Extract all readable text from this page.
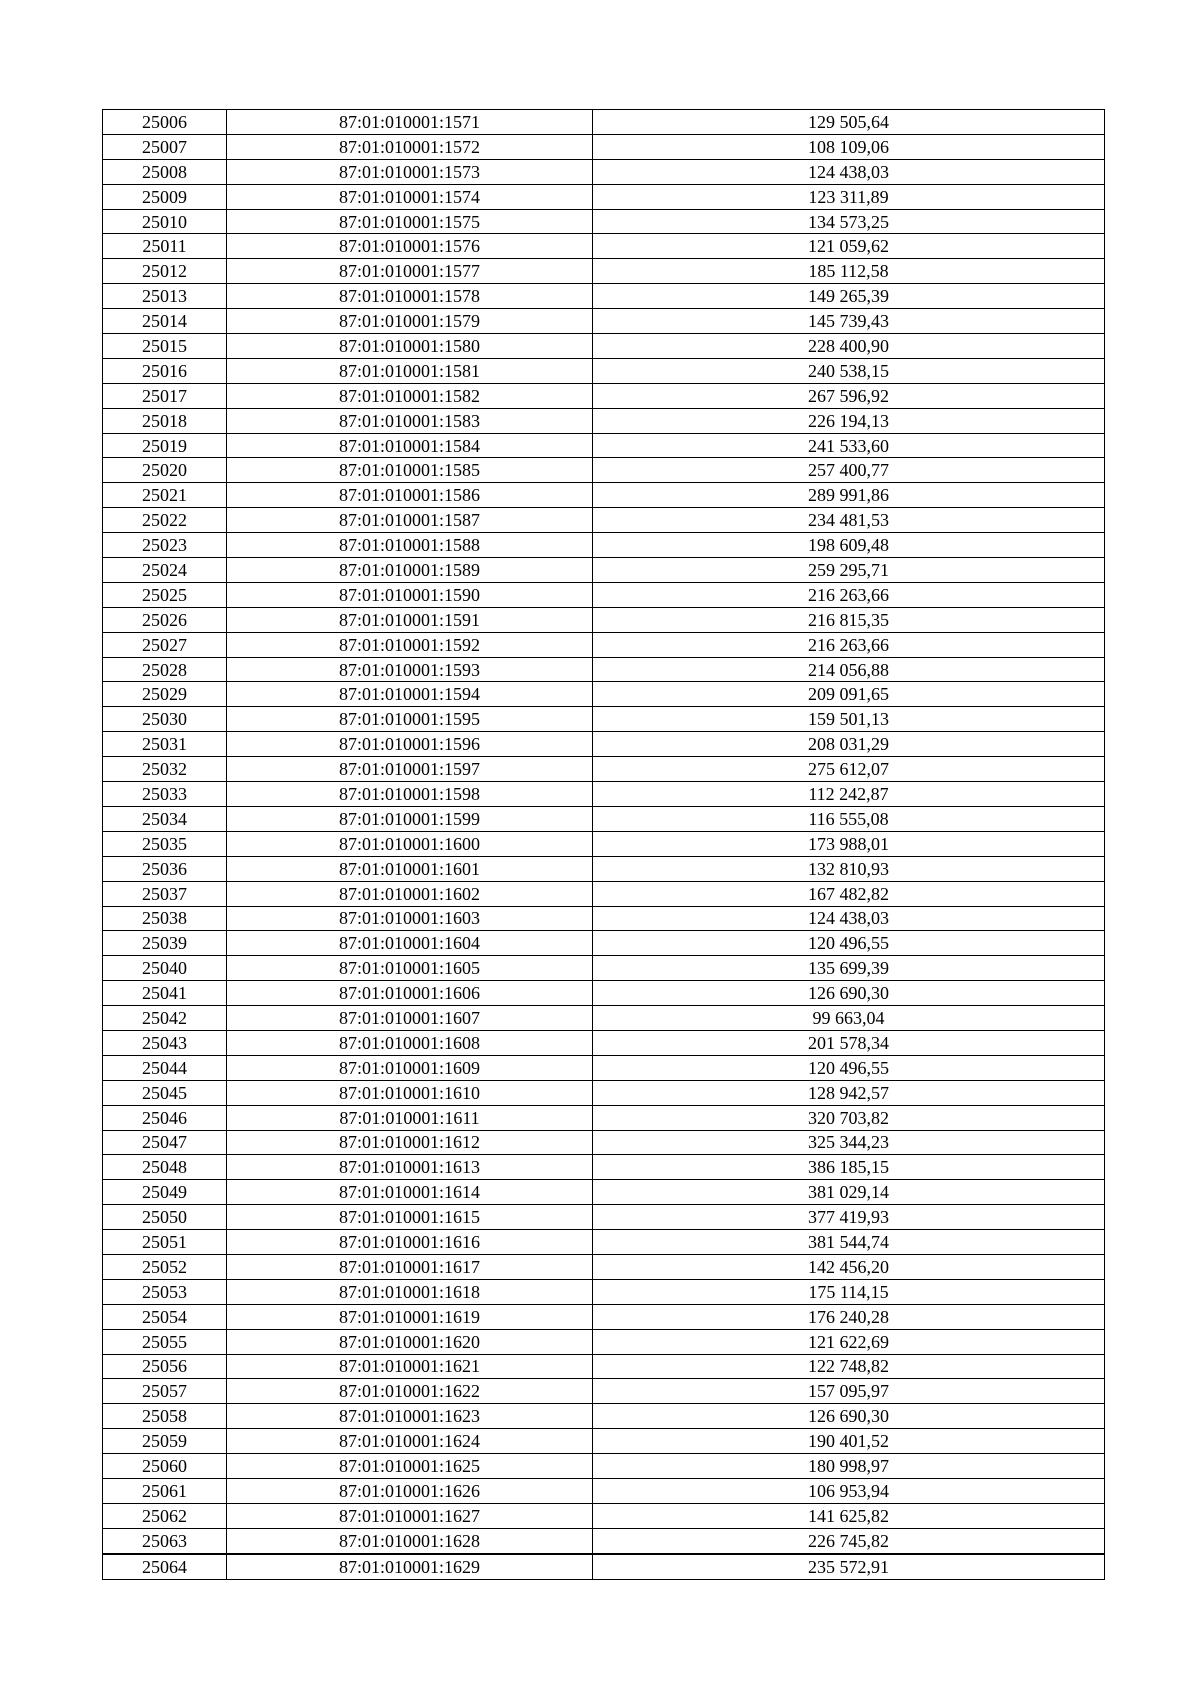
25006	87:01:010001:1571	129 505,64
25007	87:01:010001:1572	108 109,06
25008	87:01:010001:1573	124 438,03
25009	87:01:010001:1574	123 311,89
25010	87:01:010001:1575	134 573,25
25011	87:01:010001:1576	121 059,62
25012	87:01:010001:1577	185 112,58
25013	87:01:010001:1578	149 265,39
25014	87:01:010001:1579	145 739,43
25015	87:01:010001:1580	228 400,90
25016	87:01:010001:1581	240 538,15
25017	87:01:010001:1582	267 596,92
25018	87:01:010001:1583	226 194,13
25019	87:01:010001:1584	241 533,60
25020	87:01:010001:1585	257 400,77
25021	87:01:010001:1586	289 991,86
25022	87:01:010001:1587	234 481,53
25023	87:01:010001:1588	198 609,48
25024	87:01:010001:1589	259 295,71
25025	87:01:010001:1590	216 263,66
25026	87:01:010001:1591	216 815,35
25027	87:01:010001:1592	216 263,66
25028	87:01:010001:1593	214 056,88
25029	87:01:010001:1594	209 091,65
25030	87:01:010001:1595	159 501,13
25031	87:01:010001:1596	208 031,29
25032	87:01:010001:1597	275 612,07
25033	87:01:010001:1598	112 242,87
25034	87:01:010001:1599	116 555,08
25035	87:01:010001:1600	173 988,01
25036	87:01:010001:1601	132 810,93
25037	87:01:010001:1602	167 482,82
25038	87:01:010001:1603	124 438,03
25039	87:01:010001:1604	120 496,55
25040	87:01:010001:1605	135 699,39
25041	87:01:010001:1606	126 690,30
25042	87:01:010001:1607	99 663,04
25043	87:01:010001:1608	201 578,34
25044	87:01:010001:1609	120 496,55
25045	87:01:010001:1610	128 942,57
25046	87:01:010001:1611	320 703,82
25047	87:01:010001:1612	325 344,23
25048	87:01:010001:1613	386 185,15
25049	87:01:010001:1614	381 029,14
25050	87:01:010001:1615	377 419,93
25051	87:01:010001:1616	381 544,74
25052	87:01:010001:1617	142 456,20
25053	87:01:010001:1618	175 114,15
25054	87:01:010001:1619	176 240,28
25055	87:01:010001:1620	121 622,69
25056	87:01:010001:1621	122 748,82
25057	87:01:010001:1622	157 095,97
25058	87:01:010001:1623	126 690,30
25059	87:01:010001:1624	190 401,52
25060	87:01:010001:1625	180 998,97
25061	87:01:010001:1626	106 953,94
25062	87:01:010001:1627	141 625,82
25063	87:01:010001:1628	226 745,82
25064	87:01:010001:1629	235 572,91
